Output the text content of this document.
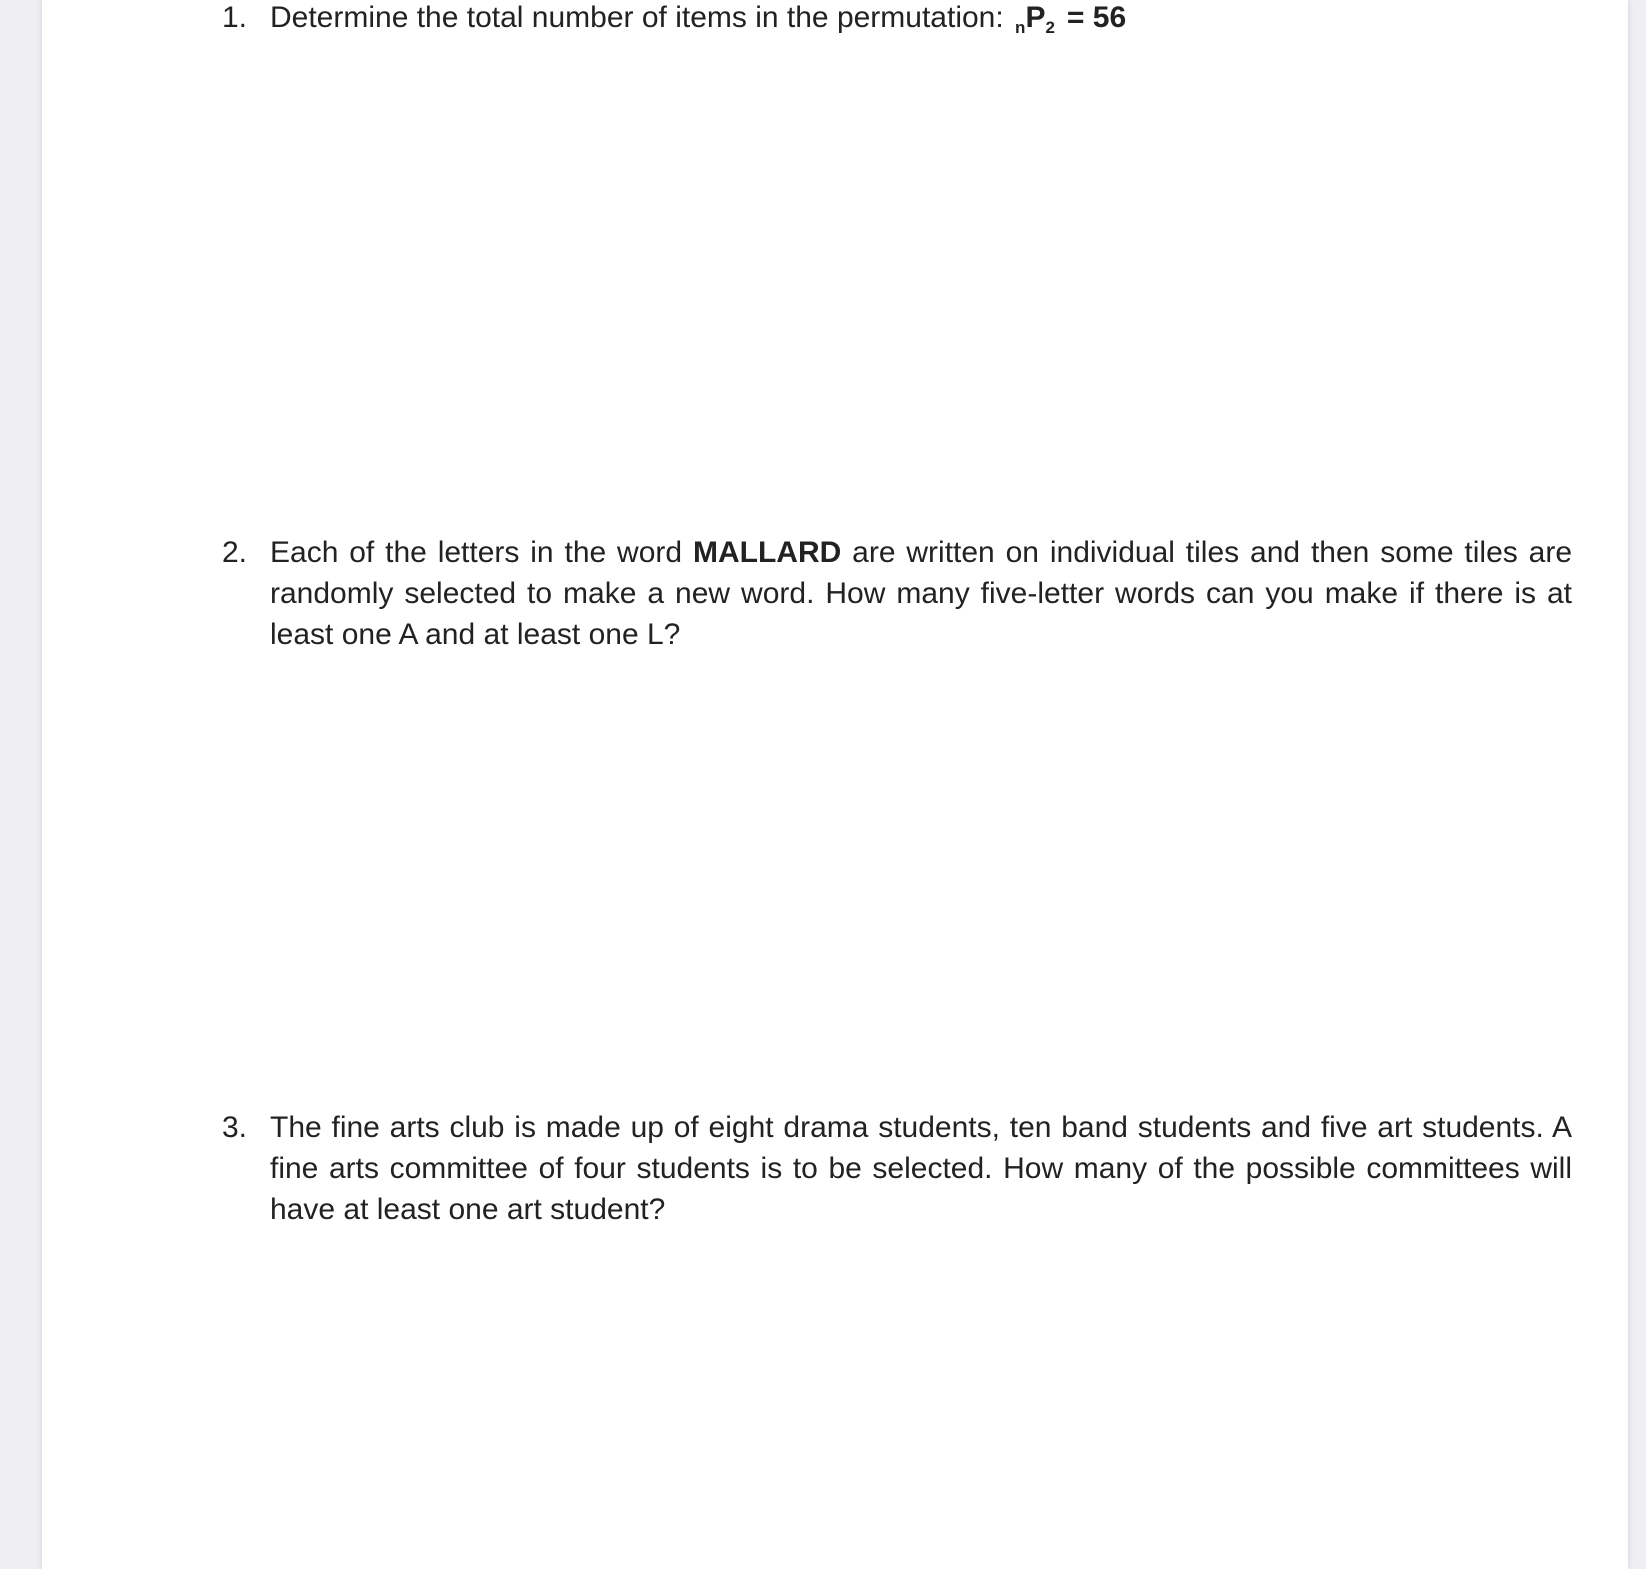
1. Determine the total number of items in the permutation: $_nP_2 = 56$
2. Each of the letters in the word MALLARD are written on individual tiles and then some tiles are randomly selected to make a new word. How many five-letter words can you make if there is at least one A and at least one L?

3. The fine arts club is made up of eight drama students, ten band students and five art students. A fine arts committee of four students is to be selected. How many of the possible committees will have at least one art student?
